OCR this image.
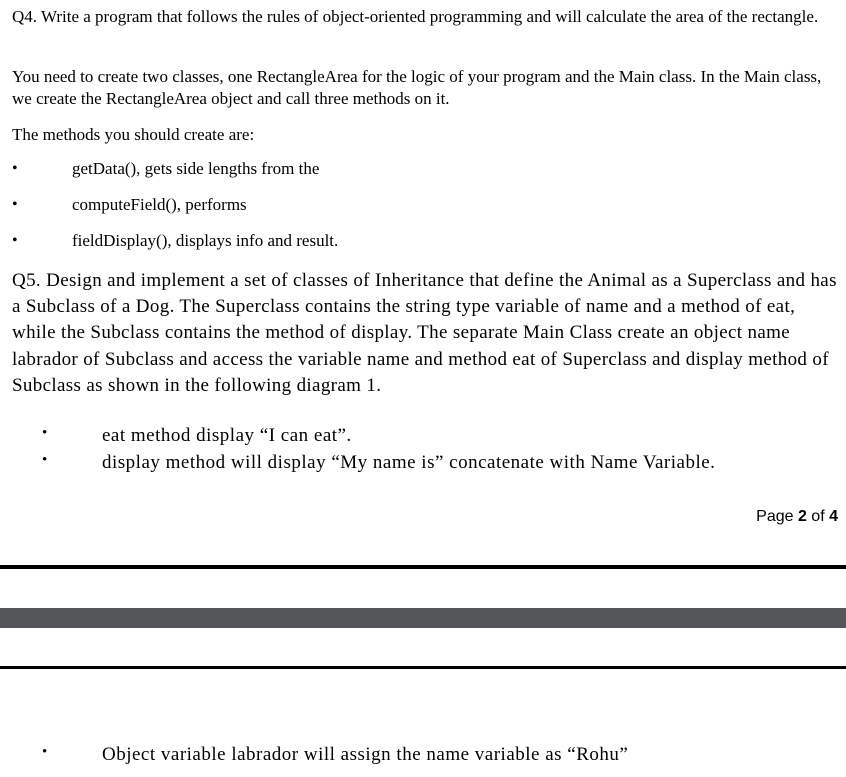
Q4. Write a program that follows the rules of object-oriented programming and will calculate the area of the rectangle.
You need to create two classes, one RectangleArea for the logic of your program and the Main class. In the Main class, we create the RectangleArea object and call three methods on it.
The methods you should create are:
•	getData(), gets side lengths from the
•	computeField(), performs
•	fieldDisplay(), displays info and result.
Q5. Design and implement a set of classes of Inheritance that define the Animal as a Superclass and has a Subclass of a Dog. The Superclass contains the string type variable of name and a method of eat, while the Subclass contains the method of display. The separate Main Class create an object name labrador of Subclass and access the variable name and method eat of Superclass and display method of Subclass as shown in the following diagram 1.
•	eat method display “I can eat”.
•	display method will display “My name is” concatenate with Name Variable.
Page 2 of 4
•	Object variable labrador will assign the name variable as “Rohu”
